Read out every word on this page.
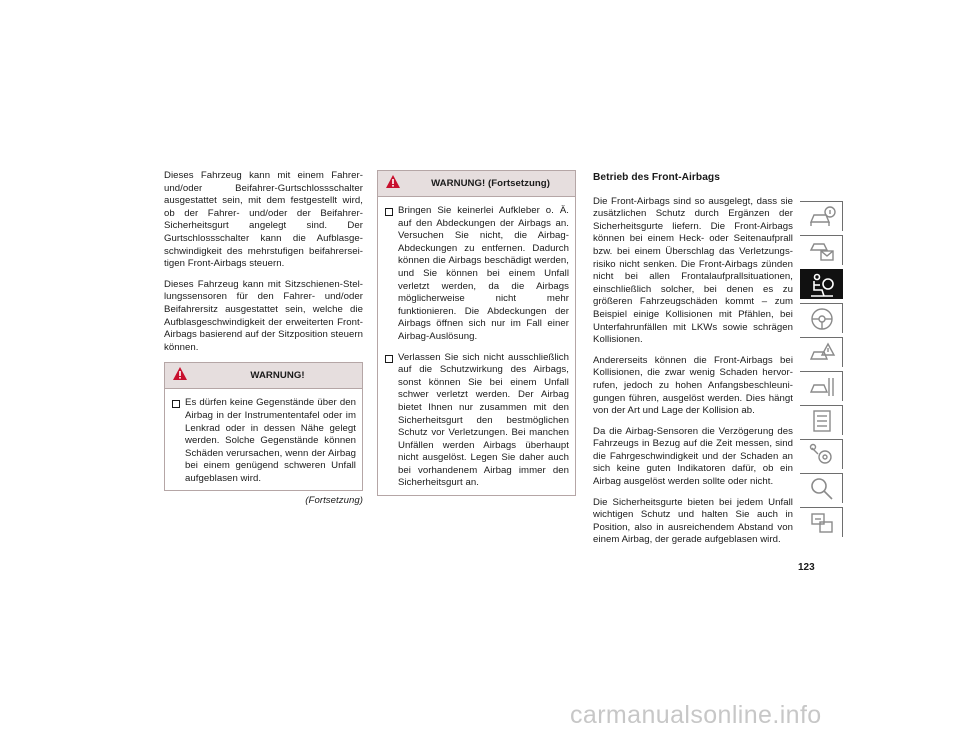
Dieses Fahrzeug kann mit einem Fahrer- und/oder Beifahrer-Gurtschlossschalter ausgestattet sein, mit dem festgestellt wird, ob der Fahrer- und/oder der Beifahrer-Sicherheitsgurt angelegt sind. Der Gurtschlossschalter kann die Aufblasgeschwindigkeit des mehrstufigen beifahrerseitigen Front-Airbags steuern.

Dieses Fahrzeug kann mit Sitzschienen-Stellungssensoren für den Fahrer- und/oder Beifahrersitz ausgestattet sein, welche die Aufblasgeschwindigkeit der erweiterten Front-Airbags basierend auf der Sitzposition steuern können.

WARNUNG!
Es dürfen keine Gegenstände über den Airbag in der Instrumententafel oder im Lenkrad oder in dessen Nähe gelegt werden. Solche Gegenstände können Schäden verursachen, wenn der Airbag bei einem genügend schweren Unfall aufgeblasen wird.
(Fortsetzung)
WARNUNG! (Fortsetzung)
Bringen Sie keinerlei Aufkleber o. Ä. auf den Abdeckungen der Airbags an. Versuchen Sie nicht, die Airbag-Abdeckungen zu entfernen. Dadurch können die Airbags beschädigt werden, und Sie können bei einem Unfall verletzt werden, da die Airbags möglicherweise nicht mehr funktionieren. Die Abdeckungen der Airbags öffnen sich nur im Fall einer Airbag-Auslösung.
Verlassen Sie sich nicht ausschließlich auf die Schutzwirkung des Airbags, sonst können Sie bei einem Unfall schwer verletzt werden. Der Airbag bietet Ihnen nur zusammen mit den Sicherheitsgurt den bestmöglichen Schutz vor Verletzungen. Bei manchen Unfällen werden Airbags überhaupt nicht ausgelöst. Legen Sie daher auch bei vorhandenem Airbag immer den Sicherheitsgurt an.
Betrieb des Front-Airbags

Die Front-Airbags sind so ausgelegt, dass sie zusätzlichen Schutz durch Ergänzen der Sicherheitsgurte liefern. Die Front-Airbags können bei einem Heck- oder Seitenaufprall bzw. bei einem Überschlag das Verletzungsrisiko nicht senken. Die Front-Airbags zünden nicht bei allen Frontalaufprallsituationen, einschließlich solcher, bei denen es zu größeren Fahrzeugschäden kommt – zum Beispiel einige Kollisionen mit Pfählen, bei Unterfahrunfällen mit LKWs sowie schrägen Kollisionen.

Andererseits können die Front-Airbags bei Kollisionen, die zwar wenig Schaden hervorrufen, jedoch zu hohen Anfangsbeschleunigungen führen, ausgelöst werden. Dies hängt von der Art und Lage der Kollision ab.

Da die Airbag-Sensoren die Verzögerung des Fahrzeugs in Bezug auf die Zeit messen, sind die Fahrgeschwindigkeit und der Schaden an sich keine guten Indikatoren dafür, ob ein Airbag ausgelöst werden sollte oder nicht.

Die Sicherheitsgurte bieten bei jedem Unfall wichtigen Schutz und halten Sie auch in Position, also in ausreichendem Abstand von einem Airbag, der gerade aufgeblasen wird.

123
carmanualsonline.info
